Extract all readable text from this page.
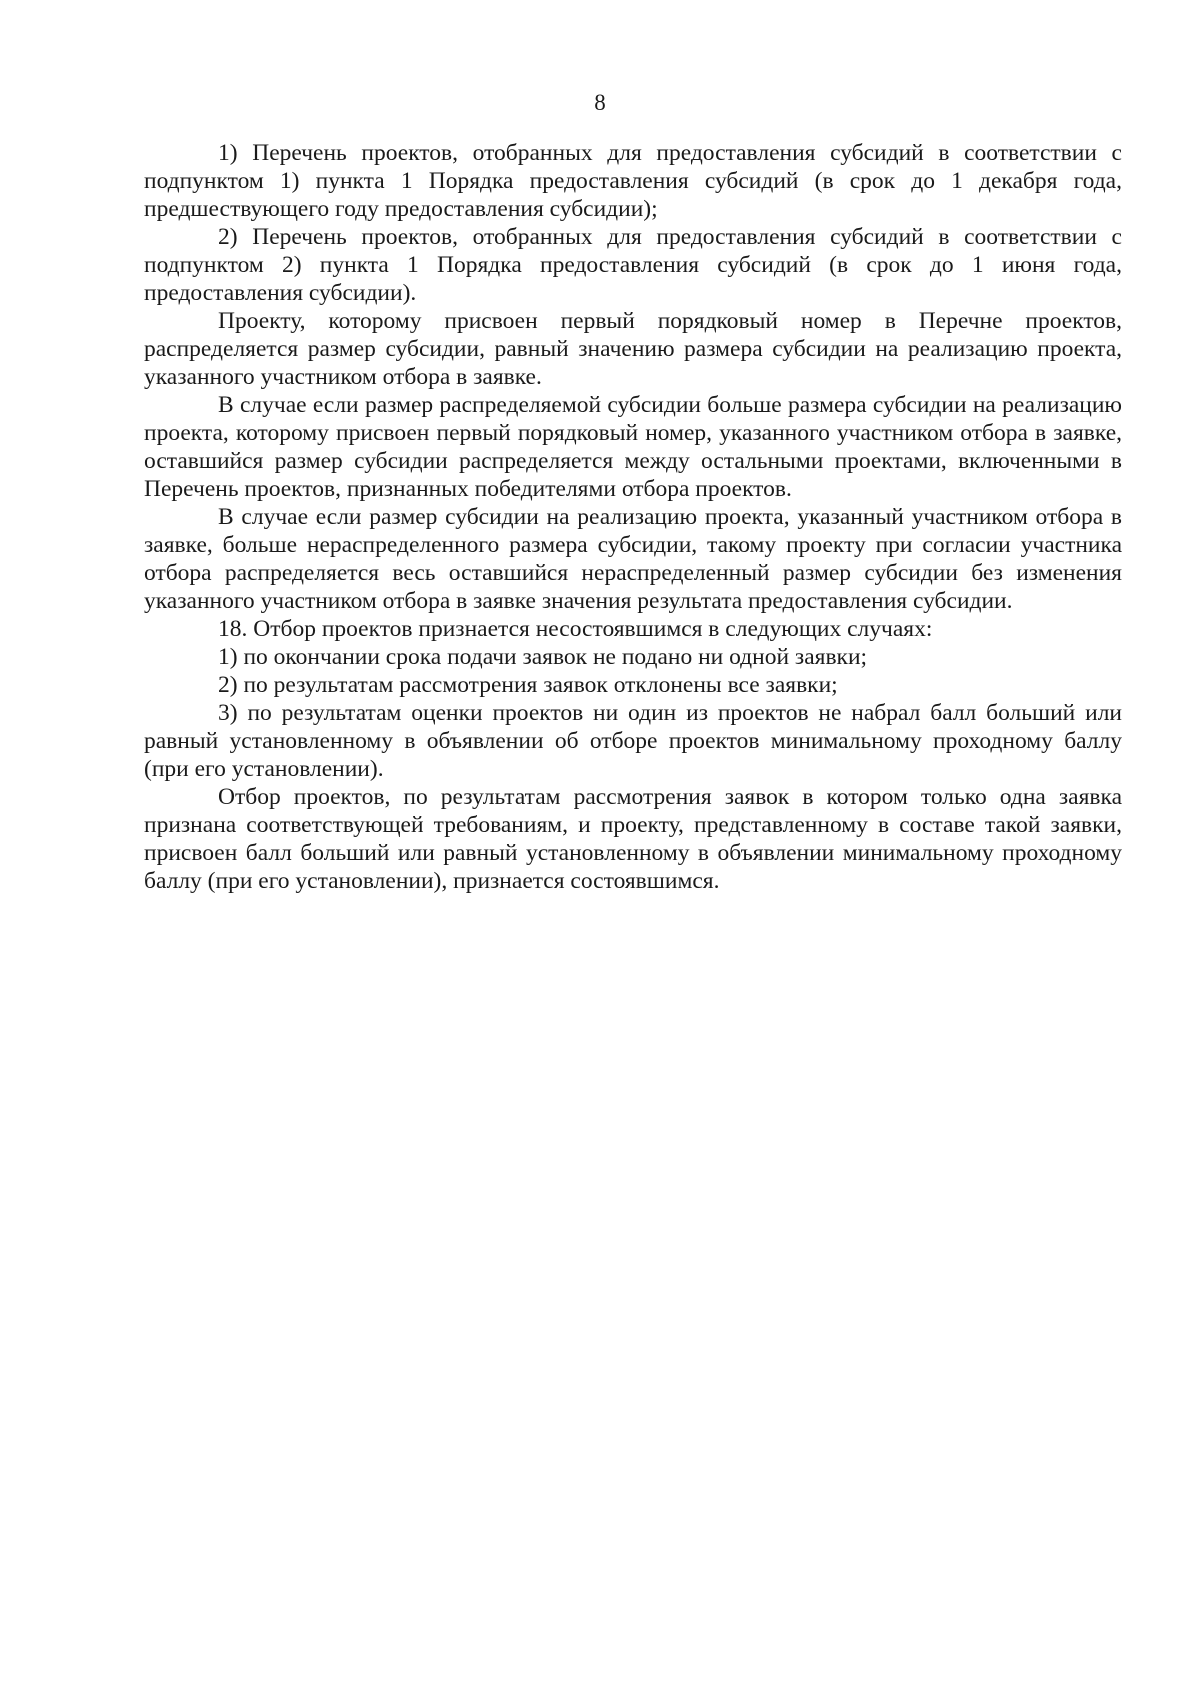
8

1) Перечень проектов, отобранных для предоставления субсидий в соответствии с подпунктом 1) пункта 1 Порядка предоставления субсидий (в срок до 1 декабря года, предшествующего году предоставления субсидии);

2) Перечень проектов, отобранных для предоставления субсидий в соответствии с подпунктом 2) пункта 1 Порядка предоставления субсидий (в срок до 1 июня года, предоставления субсидии).

Проекту, которому присвоен первый порядковый номер в Перечне проектов, распределяется размер субсидии, равный значению размера субсидии на реализацию проекта, указанного участником отбора в заявке.

В случае если размер распределяемой субсидии больше размера субсидии на реализацию проекта, которому присвоен первый порядковый номер, указанного участником отбора в заявке, оставшийся размер субсидии распределяется между остальными проектами, включенными в Перечень проектов, признанных победителями отбора проектов.

В случае если размер субсидии на реализацию проекта, указанный участником отбора в заявке, больше нераспределенного размера субсидии, такому проекту при согласии участника отбора распределяется весь оставшийся нераспределенный размер субсидии без изменения указанного участником отбора в заявке значения результата предоставления субсидии.

18. Отбор проектов признается несостоявшимся в следующих случаях:

1) по окончании срока подачи заявок не подано ни одной заявки;

2) по результатам рассмотрения заявок отклонены все заявки;

3) по результатам оценки проектов ни один из проектов не набрал балл больший или равный установленному в объявлении об отборе проектов минимальному проходному баллу (при его установлении).

Отбор проектов, по результатам рассмотрения заявок в котором только одна заявка признана соответствующей требованиям, и проекту, представленному в составе такой заявки, присвоен балл больший или равный установленному в объявлении минимальному проходному баллу (при его установлении), признается состоявшимся.
